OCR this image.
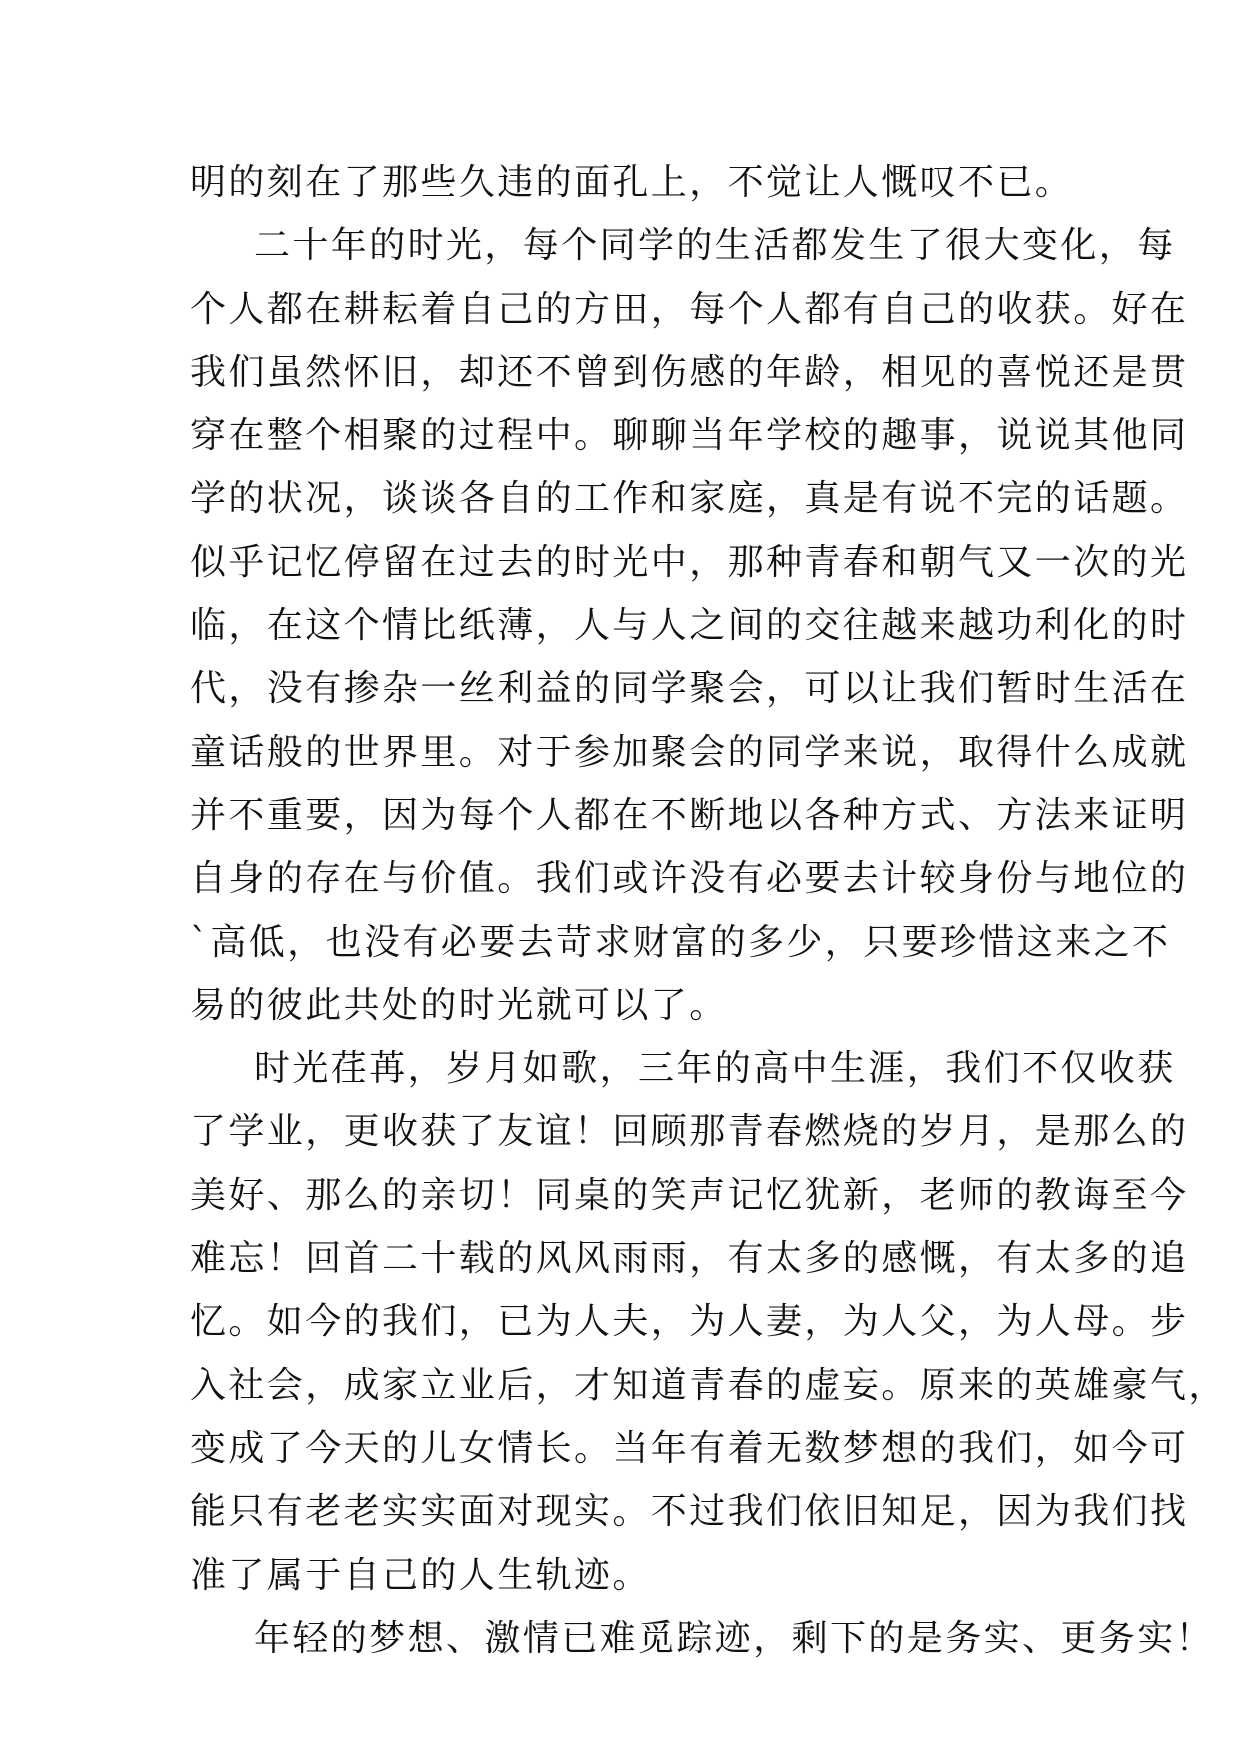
明的刻在了那些久违的面孔上，不觉让人慨叹不已。
二十年的时光，每个同学的生活都发生了很大变化，每
个人都在耕耘着自己的方田，每个人都有自己的收获。好在
我们虽然怀旧，却还不曾到伤感的年龄，相见的喜悦还是贯
穿在整个相聚的过程中。聊聊当年学校的趣事，说说其他同
学的状况，谈谈各自的工作和家庭，真是有说不完的话题。
似乎记忆停留在过去的时光中，那种青春和朝气又一次的光
临，在这个情比纸薄，人与人之间的交往越来越功利化的时
代，没有掺杂一丝利益的同学聚会，可以让我们暂时生活在
童话般的世界里。对于参加聚会的同学来说，取得什么成就
并不重要，因为每个人都在不断地以各种方式、方法来证明
自身的存在与价值。我们或许没有必要去计较身份与地位的
`高低，也没有必要去苛求财富的多少，只要珍惜这来之不
易的彼此共处的时光就可以了。
时光荏苒，岁月如歌，三年的高中生涯，我们不仅收获
了学业，更收获了友谊！回顾那青春燃烧的岁月，是那么的
美好、那么的亲切！同桌的笑声记忆犹新，老师的教诲至今
难忘！回首二十载的风风雨雨，有太多的感慨，有太多的追
忆。如今的我们，已为人夫，为人妻，为人父，为人母。步
入社会，成家立业后，才知道青春的虚妄。原来的英雄豪气，
变成了今天的儿女情长。当年有着无数梦想的我们，如今可
能只有老老实实面对现实。不过我们依旧知足，因为我们找
准了属于自己的人生轨迹。
年轻的梦想、激情已难觅踪迹，剩下的是务实、更务实！
